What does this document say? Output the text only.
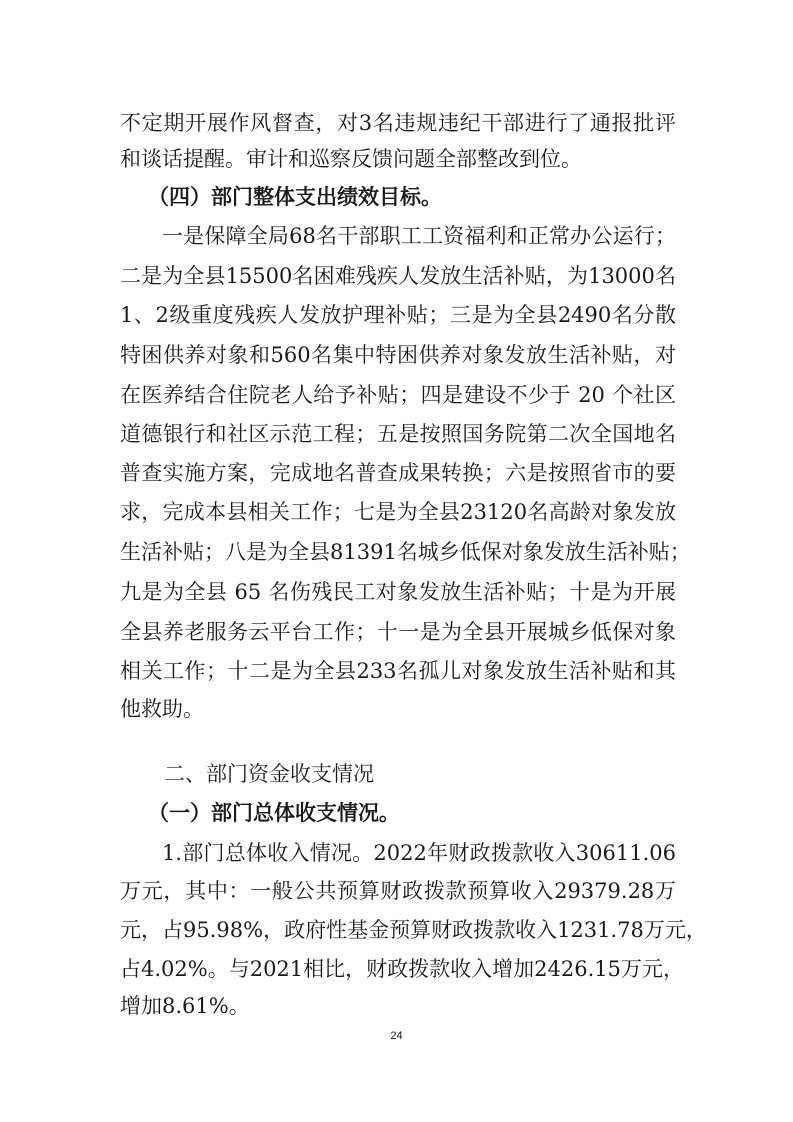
不定期开展作风督查，对3名违规违纪干部进行了通报批评
和谈话提醒。审计和巡察反馈问题全部整改到位。
（四）部门整体支出绩效目标。
一是保障全局68名干部职工工资福利和正常办公运行；
二是为全县15500名困难残疾人发放生活补贴，为13000名
1、2级重度残疾人发放护理补贴；三是为全县2490名分散
特困供养对象和560名集中特困供养对象发放生活补贴，对
在医养结合住院老人给予补贴；四是建设不少于 20 个社区
道德银行和社区示范工程；五是按照国务院第二次全国地名
普查实施方案，完成地名普查成果转换；六是按照省市的要
求，完成本县相关工作；七是为全县23120名高龄对象发放
生活补贴；八是为全县81391名城乡低保对象发放生活补贴；
九是为全县 65 名伤残民工对象发放生活补贴；十是为开展
全县养老服务云平台工作；十一是为全县开展城乡低保对象
相关工作；十二是为全县233名孤儿对象发放生活补贴和其
他救助。
二、部门资金收支情况
（一）部门总体收支情况。
1.部门总体收入情况。2022年财政拨款收入30611.06
万元，其中：一般公共预算财政拨款预算收入29379.28万
元，占95.98%，政府性基金预算财政拨款收入1231.78万元，
占4.02%。与2021相比，财政拨款收入增加2426.15万元，
增加8.61%。
24
